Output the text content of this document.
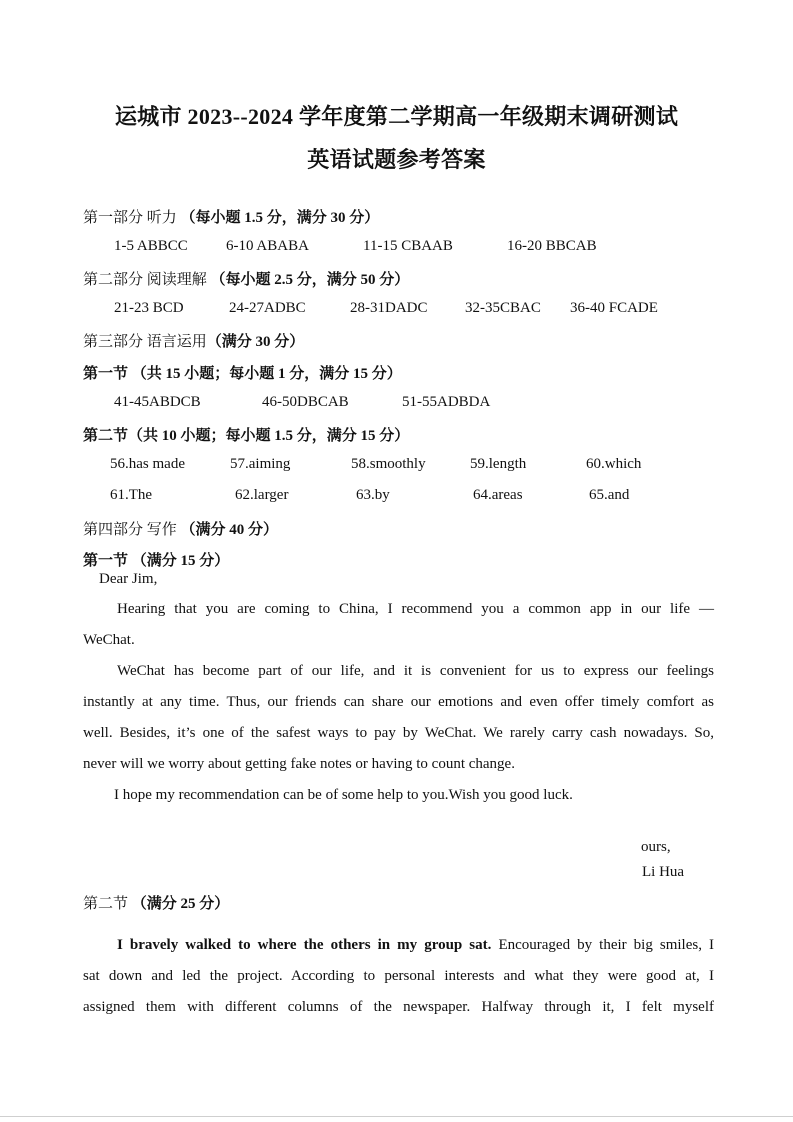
运城市 2023--2024 学年度第二学期高一年级期末调研测试
英语试题参考答案
第一部分 听力 （每小题 1.5 分，满分 30 分）
1-5 ABBCC	6-10 ABABA	11-15 CBAAB	16-20 BBCAB
第二部分 阅读理解 （每小题 2.5 分，满分 50 分）
21-23 BCD	24-27ADBC	28-31DADC	32-35CBAC 36-40 FCADE
第三部分 语言运用（满分 30 分）
第一节 （共 15 小题；每小题 1 分，满分 15 分）
41-45ABDCB	46-50DBCAB	51-55ADBDA
第二节（共 10 小题；每小题 1.5 分，满分 15 分）
56.has made	57.aiming	58.smoothly	59.length	60.which
61.The	62.larger	63.by	64.areas	65.and
第四部分 写作 （满分 40 分）
第一节 （满分 15 分）
Dear Jim,
Hearing that you are coming to China, I recommend you a common app in our life —
WeChat.
WeChat has become part of our life, and it is convenient for us to express our feelings
instantly at any time. Thus, our friends can share our emotions and even offer timely comfort as
well. Besides, it’s one of the safest ways to pay by WeChat. We rarely carry cash nowadays. So,
never will we worry about getting fake notes or having to count change.
I hope my recommendation can be of some help to you.Wish you good luck.
ours,
Li Hua
第二节 （满分 25 分）
I bravely walked to where the others in my group sat. Encouraged by their big smiles, I
sat down and led the project. According to personal interests and what they were good at, I
assigned them with different columns of the newspaper. Halfway through it, I felt myself
